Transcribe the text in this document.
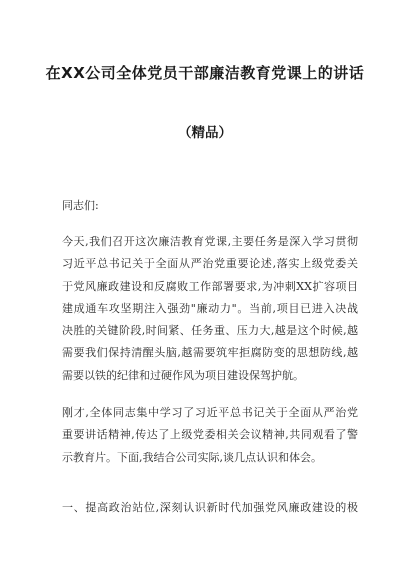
在XX公司全体党员干部廉洁教育党课上的讲话
（精品）
同志们:
今天,我们召开这次廉洁教育党课,主要任务是深入学习贯彻
习近平总书记关于全面从严治党重要论述,落实上级党委关
于党风廉政建设和反腐败工作部署要求,为冲刺XX扩容项目
建成通车攻坚期注入强劲"廉动力"。当前,项目已进入决战
决胜的关键阶段,时间紧、任务重、压力大,越是这个时候,越
需要我们保持清醒头脑,越需要筑牢拒腐防变的思想防线,越
需要以铁的纪律和过硬作风为项目建设保驾护航。
刚才,全体同志集中学习了习近平总书记关于全面从严治党
重要讲话精神,传达了上级党委相关会议精神,共同观看了警
示教育片。下面,我结合公司实际,谈几点认识和体会。
一、提高政治站位,深刻认识新时代加强党风廉政建设的极
